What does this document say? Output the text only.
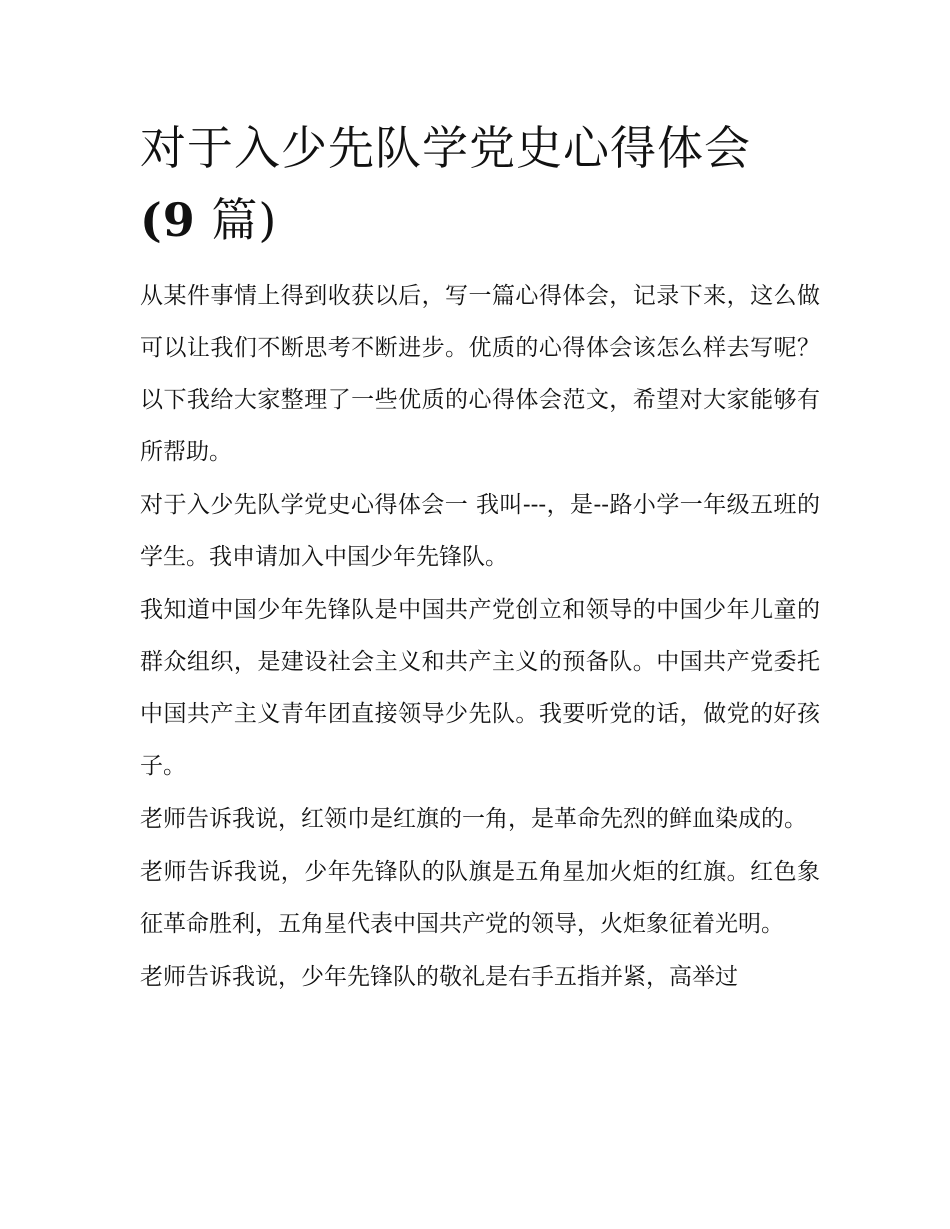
对于入少先队学党史心得体会
(9 篇)

从某件事情上得到收获以后，写一篇心得体会，记录下来，这么做可以让我们不断思考不断进步。优质的心得体会该怎么样去写呢？以下我给大家整理了一些优质的心得体会范文，希望对大家能够有所帮助。

对于入少先队学党史心得体会一 我叫---，是--路小学一年级五班的学生。我申请加入中国少年先锋队。

我知道中国少年先锋队是中国共产党创立和领导的中国少年儿童的群众组织，是建设社会主义和共产主义的预备队。中国共产党委托中国共产主义青年团直接领导少先队。我要听党的话，做党的好孩子。

老师告诉我说，红领巾是红旗的一角，是革命先烈的鲜血染成的。

老师告诉我说，少年先锋队的队旗是五角星加火炬的红旗。红色象征革命胜利，五角星代表中国共产党的领导，火炬象征着光明。

老师告诉我说，少年先锋队的敬礼是右手五指并紧，高举过
